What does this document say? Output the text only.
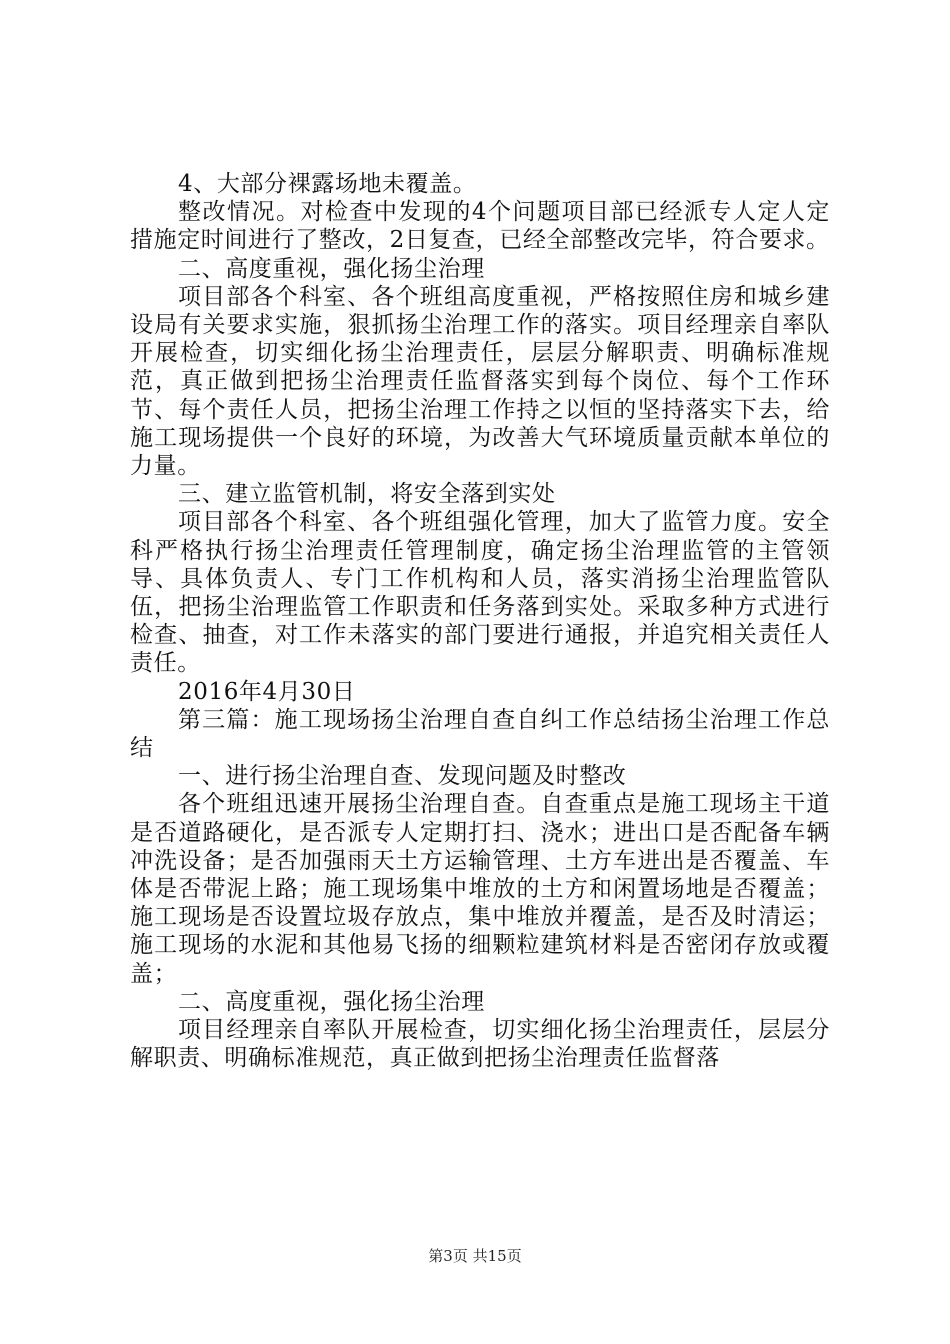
4、大部分裸露场地未覆盖。

整改情况。对检查中发现的4个问题项目部已经派专人定人定措施定时间进行了整改，2日复查，已经全部整改完毕，符合要求。

二、高度重视，强化扬尘治理

项目部各个科室、各个班组高度重视，严格按照住房和城乡建设局有关要求实施，狠抓扬尘治理工作的落实。项目经理亲自率队开展检查，切实细化扬尘治理责任，层层分解职责、明确标准规范，真正做到把扬尘治理责任监督落实到每个岗位、每个工作环节、每个责任人员，把扬尘治理工作持之以恒的坚持落实下去，给施工现场提供一个良好的环境，为改善大气环境质量贡献本单位的力量。

三、建立监管机制，将安全落到实处

项目部各个科室、各个班组强化管理，加大了监管力度。安全科严格执行扬尘治理责任管理制度，确定扬尘治理监管的主管领导、具体负责人、专门工作机构和人员，落实消扬尘治理监管队伍，把扬尘治理监管工作职责和任务落到实处。采取多种方式进行检查、抽查，对工作未落实的部门要进行通报，并追究相关责任人责任。

2016年4月30日

第三篇：施工现场扬尘治理自查自纠工作总结扬尘治理工作总结

一、进行扬尘治理自查、发现问题及时整改

各个班组迅速开展扬尘治理自查。自查重点是施工现场主干道是否道路硬化，是否派专人定期打扫、浇水；进出口是否配备车辆冲洗设备；是否加强雨天土方运输管理、土方车进出是否覆盖、车体是否带泥上路；施工现场集中堆放的土方和闲置场地是否覆盖；施工现场是否设置垃圾存放点，集中堆放并覆盖，是否及时清运；施工现场的水泥和其他易飞扬的细颗粒建筑材料是否密闭存放或覆盖；

二、高度重视，强化扬尘治理

项目经理亲自率队开展检查，切实细化扬尘治理责任，层层分解职责、明确标准规范，真正做到把扬尘治理责任监督落

第3页 共15页
